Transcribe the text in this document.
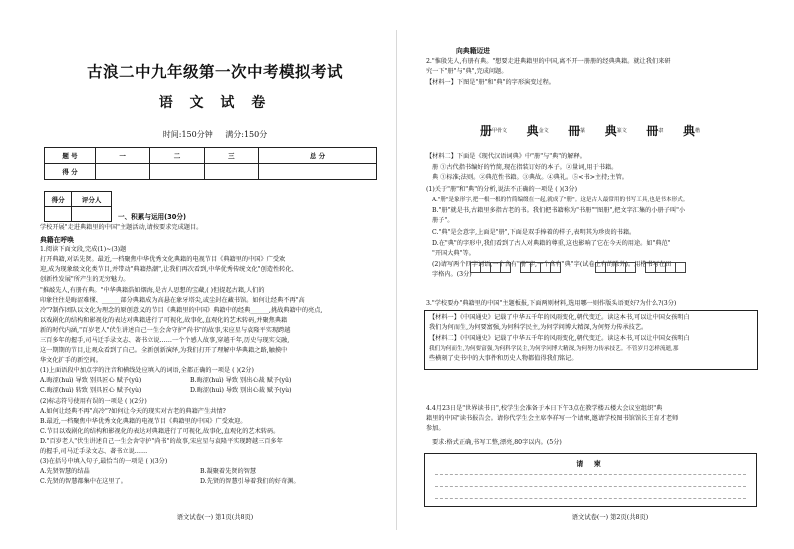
古浪二中九年级第一次中考模拟考试
语 文 试 卷
时间:150分钟 满分:150分
题 号	一	二	三	总 分
得 分				
得分	评分人

一、积累与运用(30分)
学校开展"走进典籍里的中国"主题活动,请按要求完成题目。
典籍在呼唤
1.阅读下面文段,完成(1)~(3)题
打开典籍,对话先贤。最近,一档聚焦中华优秀文化典籍的电视节目《典籍里的中国》广受欢
迎,成为现象级文化类节目,并带动"典籍热潮",让我们再次看到,中华优秀传统文化"创造性转化、
创新性发展"所产生的无穷魅力。
"推敲先人,有册有典。"中华典籍浩如烟海,是古人思想的宝藏,( )但提起古籍,人们的
印象往往是晦涩难懂、______部分典籍成为高悬在象牙塔尖,或尘封在藏书馆。如何让经典不再"高
冷"?制作团队以文化为理念的原创意义的节目《典籍里的中国》典籍中的经典______,挑战典籍中的亮点,
以戏剧化的结构和影视化的表达对典籍进行了可视化,故事化,直观化的艺术转码,并聚焦典籍
新的时代内涵,"百岁老人"伏生讲述自己一生会舍守护"尚书"的故事,宋应星与袁隆平实现跨越
三百多年的握手,司马迁手录文志、著书立说……一个个感人故事,穿越千年,历史与现实交融,
这一期期的节目,让观众看到了自己。全新创新演绎,为我们打开了理解中华典籍之路,触摸中
华文化扩手的新空间。
(1)上面语段中加点字的注音和横线处应填入的词语,全都正确的一项是 ( )(2分)
A.晦涩(huì) 导致 别具匠心 赋予(yǔ)	B.晦涩(huì) 导致 别出心裁 赋予(yǔ)
C.晦涩(huì) 转致 别具匠心 赋予(yù)	D.晦涩(huì) 导致 别出心裁 赋予(yù)
(2)标志符号使用有误的一项是 ( )(2分)
A.如何让经典不再"高冷"?如何让今天的现实对古老的典籍产生共情?
B.最近,一档聚焦中华优秀文化典籍的电视节目《典籍里的中国》广受欢迎。
C.节目以戏剧化的结构和影视化的表达对典籍进行了可视化,故事化,直观化的艺术转码。
D."百岁老人"伏生讲述自己一生会舍守护"尚书"的故事,宋应星与袁隆平实现跨越三百多年
的握手,司马迁手录文志、著书立说……
(3)在括号中填入句子,最恰当的一项是 ( )(3分)
A.先贤智慧的结晶	B.凝聚着先贤的智慧
C.先贤的智慧都集中在这里了。	D.先贤的智慧引导着我们的好奇渊。
语文试卷(一) 第1页(共8页)
向典籍迈进
2."惟殷先人,有册有典。"想要走进典籍里的中国,离不开一册册的经典典籍。就让我们来研
究一下"册"与"典",完成问题。
【材料一】下图是"册"和"典"的字形演变过程。
册甲骨文 典金文 冊篆 典篆文 冊隶 典楷
【材料二】下面是《现代汉语词典》中"册"与"典"的解释。
册 ①古代指书编好的竹简,现在指装订好的本子。②量词,用于书籍。
典 ①标准;法则。②典范性书籍。③典故。④典礼。⑤<书>主持;主管。
(1)关于"册"和"典"的分析,说法不正确的一项是 ( )(3分)
A."册"是象形字,把一根一根的竹简编缀在一起,就成了"册"。这是古人最常用的书写工具,也是书本形式。
B."册"就是书,古籍里多指古老的书。我们把书籍称为"书册""图册",把文字汇集的小册子叫"小
册子"。
C."典"是会意字,上面是"册",下面是双手捧着的样子,表明其为珍贵的书籍。
D.在"典"的字形中,我们看到了古人对典籍的尊重,这也影响了它在今天的用途。如"典范"
"开国大典"等。
(2)请写两个四字词语,一个含有"册"字,一个含有"典"字(试卷上有的除外)。用楷书写在田
字格内。(3分)
3."学校要办"典籍里的中国"主题板报,下面两则材料,选用哪一则作版头语更好?为什么?(3分)
【材料一】《中国通史》记载了中华五千年的风雨变化,朝代变迁。读这本书,可以让中国女孩明白
我们为何而生,为何要富强,为何科学民主,为何学问博大精深,为何努力传承技艺。
【材料二】《中国通史》记载了中华五千年的风雨变化,朝代变迁。读这本书,可以让中国女孩明白
我们为何而生,为何要富强,为何科学民主,为何学问博大精深,为何努力传承技艺。不管岁月怎样流逝,那
些横刻了史书中的大事件和历史人物都值得我们铭记。
4.4月23日是"世界读书日",校学生会准备于本日下午3点在教学楼五楼大会议室组织"典
籍里的中国"读书报告会。请你代学生会主席李祥写一个请柬,邀请学校图书馆馆长王育才老师
参加。
要求:格式正确,书写工整,漂亮,80字以内。(5分)
请 柬
语文试卷(一) 第2页(共8页)
